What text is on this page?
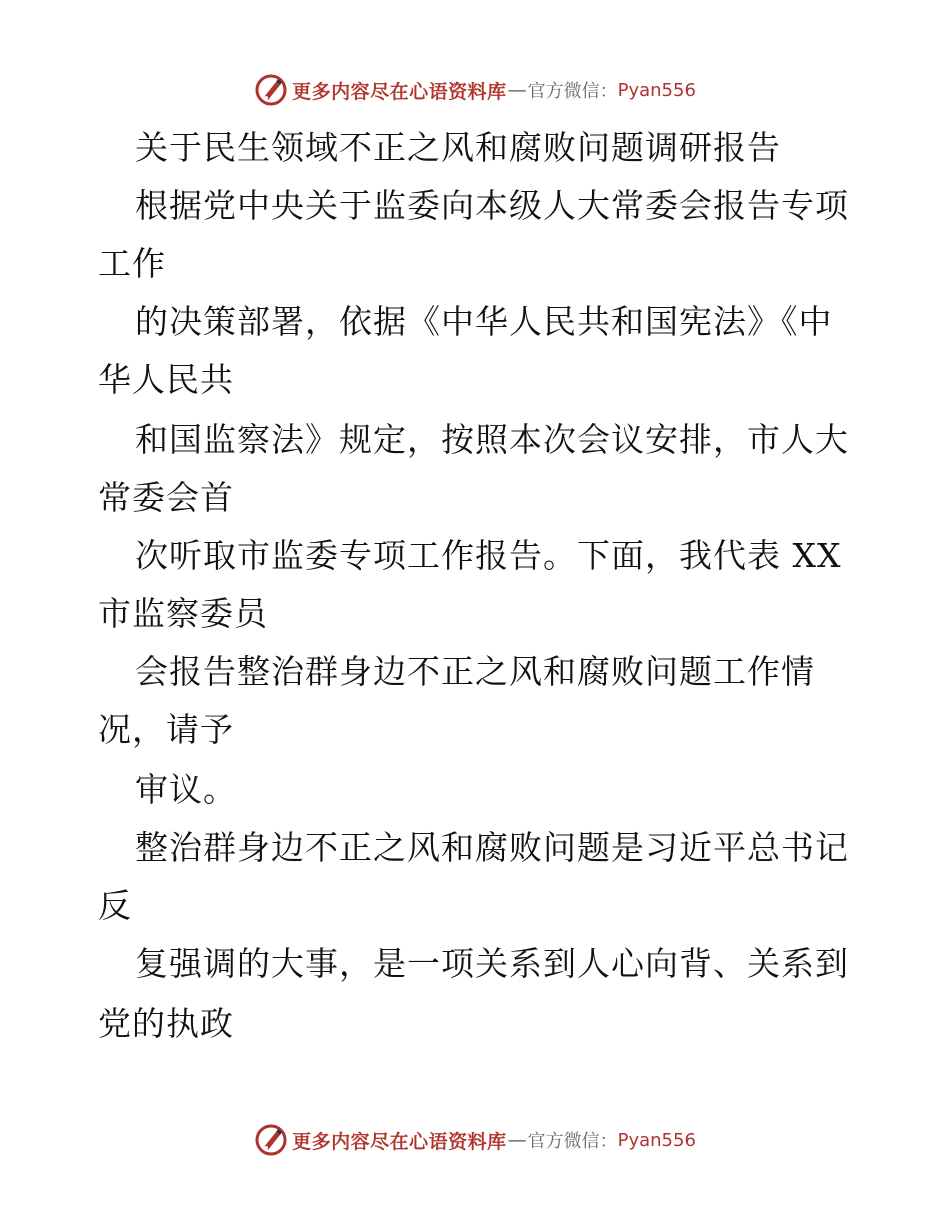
更多内容尽在心语资料库 — 官方微信： Pyan556
关于民生领域不正之风和腐败问题调研报告
根据党中央关于监委向本级人大常委会报告专项
工作
的决策部署，依据《中华人民共和国宪法》《中
华人民共
和国监察法》规定，按照本次会议安排，市人大
常委会首
次听取市监委专项工作报告。下面，我代表 XX
市监察委员
会报告整治群身边不正之风和腐败问题工作情
况，请予
审议。
整治群身边不正之风和腐败问题是习近平总书记
反
复强调的大事，是一项关系到人心向背、关系到
党的执政
更多内容尽在心语资料库 — 官方微信： Pyan556
